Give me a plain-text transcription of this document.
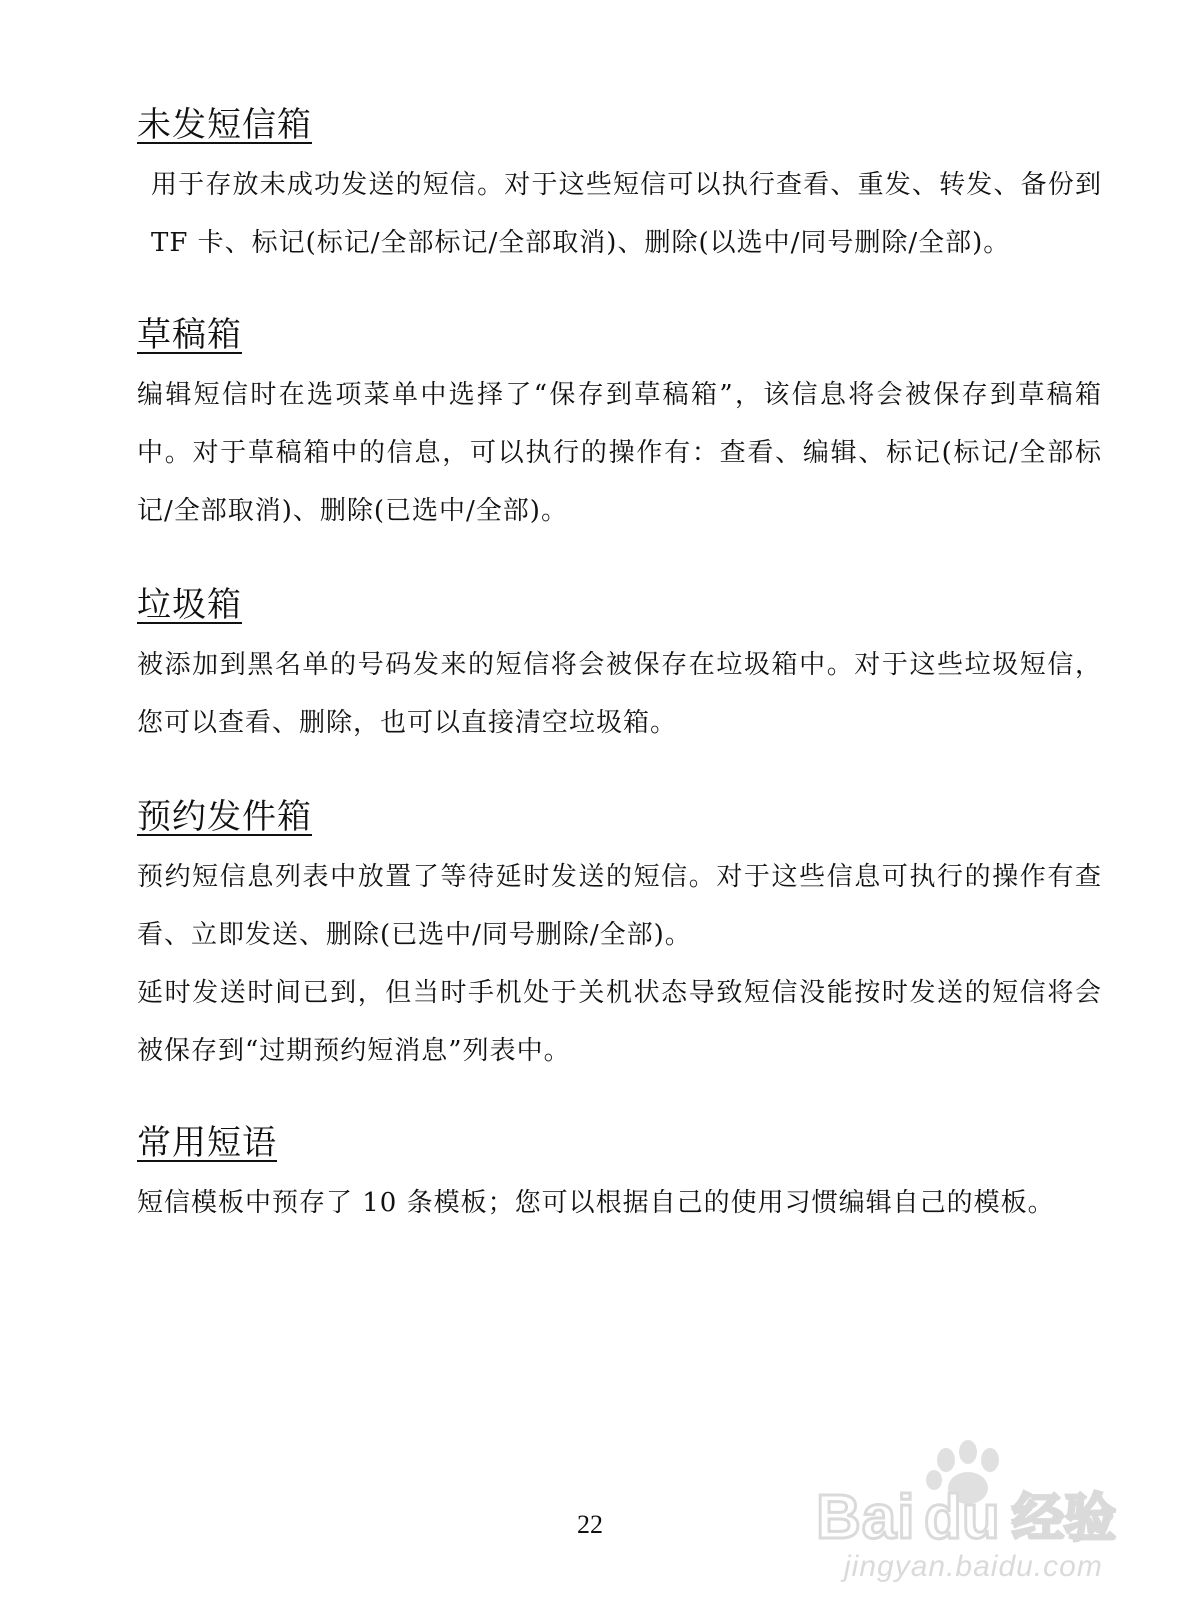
未发短信箱

用于存放未成功发送的短信。对于这些短信可以执行查看、重发、转发、备份到 TF 卡、标记(标记/全部标记/全部取消)、删除(以选中/同号删除/全部)。

草稿箱

编辑短信时在选项菜单中选择了“保存到草稿箱”，该信息将会被保存到草稿箱中。对于草稿箱中的信息，可以执行的操作有：查看、编辑、标记(标记/全部标记/全部取消)、删除(已选中/全部)。

垃圾箱

被添加到黑名单的号码发来的短信将会被保存在垃圾箱中。对于这些垃圾短信，您可以查看、删除，也可以直接清空垃圾箱。

预约发件箱

预约短信息列表中放置了等待延时发送的短信。对于这些信息可执行的操作有查看、立即发送、删除(已选中/同号删除/全部)。

延时发送时间已到，但当时手机处于关机状态导致短信没能按时发送的短信将会被保存到“过期预约短消息”列表中。

常用短语

短信模板中预存了 10 条模板；您可以根据自己的使用习惯编辑自己的模板。

22	Bai du 经验
jingyan.baidu.com
